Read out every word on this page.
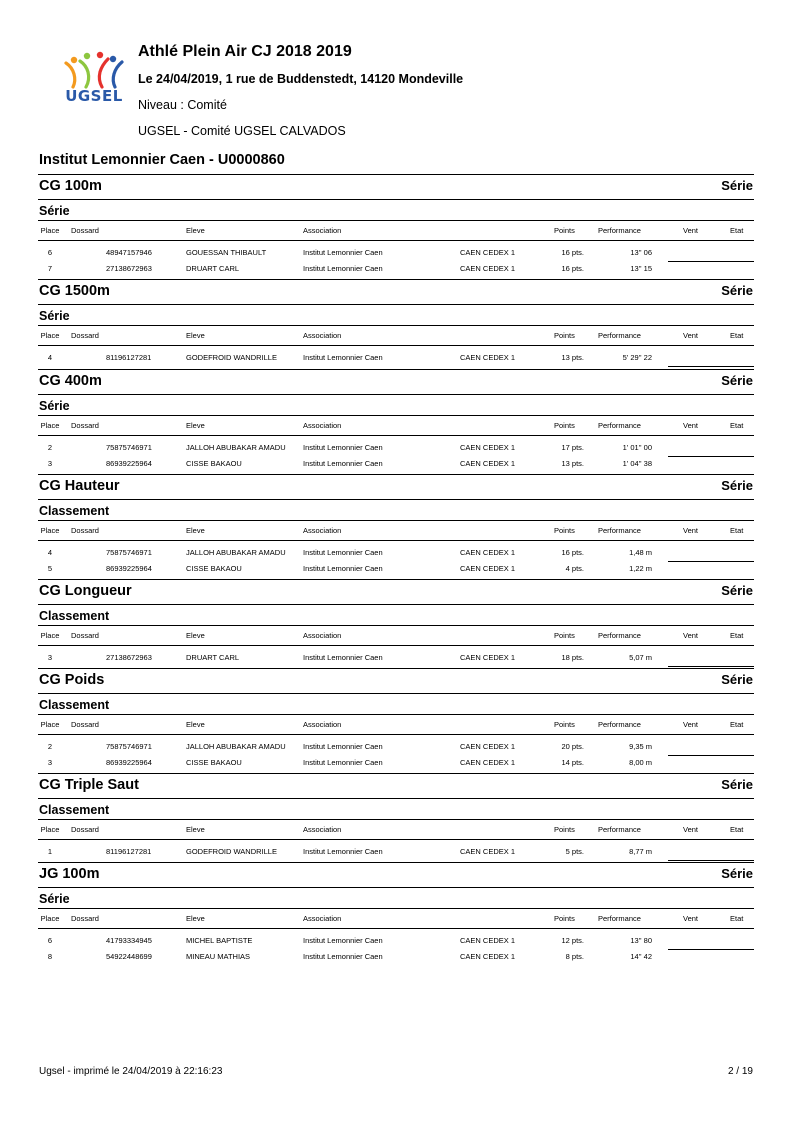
UGSEL
Athlé Plein Air CJ 2018 2019
Le 24/04/2019, 1 rue de Buddenstedt, 14120 Mondeville
Niveau : Comité
UGSEL - Comité UGSEL CALVADOS
Institut Lemonnier Caen - U0000860
CG 100m	Série
Série
Place	Dossard	Eleve	Association	Points	Performance	Vent	Etat
6	48947157946	GOUESSAN THIBAULT	Institut Lemonnier Caen	CAEN CEDEX 1	16 pts.	13'' 06
7	27138672963	DRUART CARL	Institut Lemonnier Caen	CAEN CEDEX 1	16 pts.	13'' 15
CG 1500m	Série
Série
Place	Dossard	Eleve	Association	Points	Performance	Vent	Etat
4	81196127281	GODEFROID WANDRILLE	Institut Lemonnier Caen	CAEN CEDEX 1	13 pts.	5' 29'' 22
CG 400m	Série
Série
Place	Dossard	Eleve	Association	Points	Performance	Vent	Etat
2	75875746971	JALLOH ABUBAKAR AMADU Institut Lemonnier Caen	CAEN CEDEX 1	17 pts.	1' 01'' 00
3	86939225964	CISSE BAKAOU	Institut Lemonnier Caen	CAEN CEDEX 1	13 pts.	1' 04'' 38
CG Hauteur	Série
Classement
Place	Dossard	Eleve	Association	Points	Performance	Vent	Etat
4	75875746971	JALLOH ABUBAKAR AMADU Institut Lemonnier Caen	CAEN CEDEX 1	16 pts.	1,48 m
5	86939225964	CISSE BAKAOU	Institut Lemonnier Caen	CAEN CEDEX 1	4 pts.	1,22 m
CG Longueur	Série
Classement
Place	Dossard	Eleve	Association	Points	Performance	Vent	Etat
3	27138672963	DRUART CARL	Institut Lemonnier Caen	CAEN CEDEX 1	18 pts.	5,07 m
CG Poids	Série
Classement
Place	Dossard	Eleve	Association	Points	Performance	Vent	Etat
2	75875746971	JALLOH ABUBAKAR AMADU Institut Lemonnier Caen	CAEN CEDEX 1	20 pts.	9,35 m
3	86939225964	CISSE BAKAOU	Institut Lemonnier Caen	CAEN CEDEX 1	14 pts.	8,00 m
CG Triple Saut	Série
Classement
Place	Dossard	Eleve	Association	Points	Performance	Vent	Etat
1	81196127281	GODEFROID WANDRILLE	Institut Lemonnier Caen	CAEN CEDEX 1	5 pts.	8,77 m
JG 100m	Série
Série
Place	Dossard	Eleve	Association	Points	Performance	Vent	Etat
6	41793334945	MICHEL BAPTISTE	Institut Lemonnier Caen	CAEN CEDEX 1	12 pts.	13'' 80
8	54922448699	MINEAU MATHIAS	Institut Lemonnier Caen	CAEN CEDEX 1	8 pts.	14'' 42
Ugsel - imprimé le 24/04/2019 à 22:16:23	2 / 19
